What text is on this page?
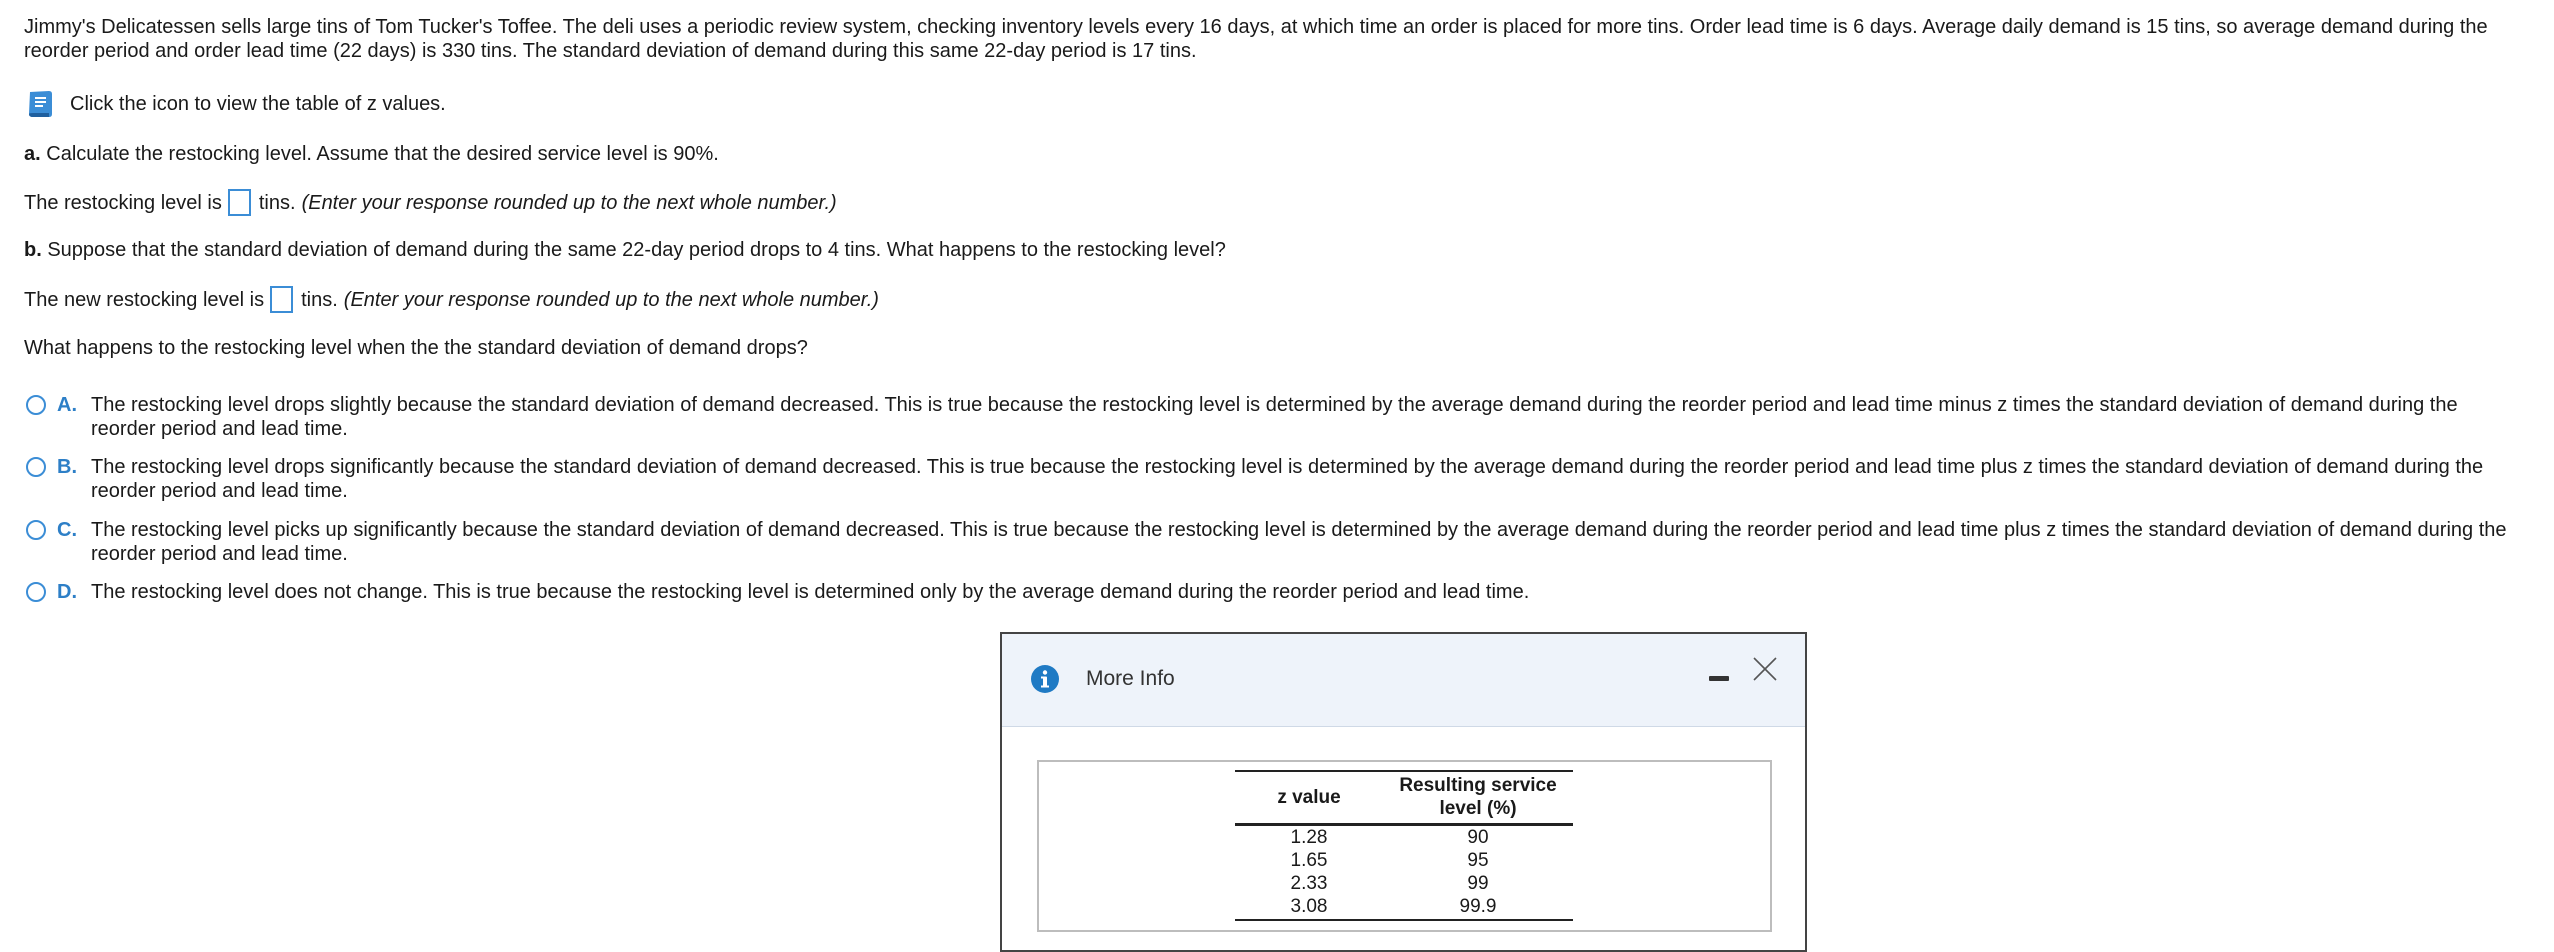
Jimmy's Delicatessen sells large tins of Tom Tucker's Toffee. The deli uses a periodic review system, checking inventory levels every 16 days, at which time an order is placed for more tins. Order lead time is 6 days. Average daily demand is 15 tins, so average demand during the reorder period and order lead time (22 days) is 330 tins. The standard deviation of demand during this same 22-day period is 17 tins.
Click the icon to view the table of z values.
a. Calculate the restocking level. Assume that the desired service level is 90%.
The restocking level is tins. (Enter your response rounded up to the next whole number.)
b. Suppose that the standard deviation of demand during the same 22-day period drops to 4 tins. What happens to the restocking level?
The new restocking level is tins. (Enter your response rounded up to the next whole number.)
What happens to the restocking level when the the standard deviation of demand drops?
A. The restocking level drops slightly because the standard deviation of demand decreased. This is true because the restocking level is determined by the average demand during the reorder period and lead time minus z times the standard deviation of demand during the reorder period and lead time.
B. The restocking level drops significantly because the standard deviation of demand decreased. This is true because the restocking level is determined by the average demand during the reorder period and lead time plus z times the standard deviation of demand during the reorder period and lead time.
C. The restocking level picks up significantly because the standard deviation of demand decreased. This is true because the restocking level is determined by the average demand during the reorder period and lead time plus z times the standard deviation of demand during the reorder period and lead time.
D. The restocking level does not change. This is true because the restocking level is determined only by the average demand during the reorder period and lead time.
More Info
z value	Resulting service level (%)
1.28	90
1.65	95
2.33	99
3.08	99.9
